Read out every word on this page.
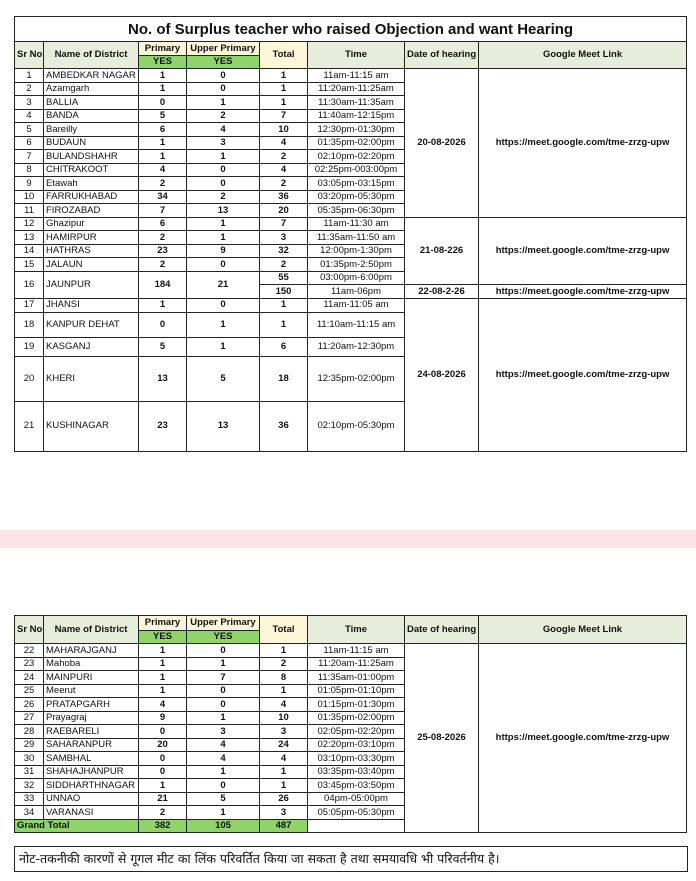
No. of Surplus teacher who raised Objection and want Hearing							
Sr No	Name of District	Primary	Upper Primary	Total	Time	Date of hearing	Google Meet Link
		YES	YES				
1	AMBEDKAR NAGAR	1	0	1	11am-11:15 am	20-08-2026	https://meet.google.com/tme-zrzg-upw
2	Azamgarh	1	0	1	11:20am-11:25am		
3	BALLIA	0	1	1	11:30am-11:35am		
4	BANDA	5	2	7	11:40am-12:15pm		
5	Bareilly	6	4	10	12:30pm-01:30pm		
6	BUDAUN	1	3	4	01:35pm-02:00pm		
7	BULANDSHAHR	1	1	2	02:10pm-02:20pm		
8	CHITRAKOOT	4	0	4	02:25pm-003:00pm		
9	Etawah	2	0	2	03:05pm-03:15pm		
10	FARRUKHABAD	34	2	36	03:20pm-05:30pm		
11	FIROZABAD	7	13	20	05:35pm-06:30pm		
12	Ghazipur	6	1	7	11am-11:30 am	21-08-226	https://meet.google.com/tme-zrzg-upw
13	HAMIRPUR	2	1	3	11:35am-11:50 am		
14	HATHRAS	23	9	32	12:00pm-1:30pm		
15	JALAUN	2	0	2	01:35pm-2:50pm		
16	JAUNPUR	184	21	55	03:00pm-6:00pm		
				150	11am-06pm	22-08-2-26	https://meet.google.com/tme-zrzg-upw
17	JHANSI	1	0	1	11am-11:05 am	24-08-2026	https://meet.google.com/tme-zrzg-upw
18	KANPUR DEHAT	0	1	1	11:10am-11:15 am		
19	KASGANJ	5	1	6	11:20am-12:30pm		
20	KHERI	13	5	18	12:35pm-02:00pm		
21	KUSHINAGAR	23	13	36	02:10pm-05:30pm		
Sr No	Name of District	Primary	Upper Primary	Total	Time	Date of hearing	Google Meet Link
		YES	YES				
22	MAHARAJGANJ	1	0	1	11am-11:15 am	25-08-2026	https://meet.google.com/tme-zrzg-upw
23	Mahoba	1	1	2	11:20am-11:25am		
24	MAINPURI	1	7	8	11:35am-01:00pm		
25	Meerut	1	0	1	01:05pm-01:10pm		
26	PRATAPGARH	4	0	4	01:15pm-01:30pm		
27	Prayagraj	9	1	10	01:35pm-02:00pm		
28	RAEBARELI	0	3	3	02:05pm-02:20pm		
29	SAHARANPUR	20	4	24	02:20pm-03:10pm		
30	SAMBHAL	0	4	4	03:10pm-03:30pm		
31	SHAHAJHANPUR	0	1	1	03:35pm-03:40pm		
32	SIDDHARTHNAGAR	1	0	1	03:45pm-03:50pm		
33	UNNAO	21	5	26	04pm-05:00pm		
34	VARANASI	2	1	3	05:05pm-05:30pm		
Grand Total		382	105	487			
नोट-तकनीकी कारणों से गूगल मीट का लिंक परिवर्तित किया जा सकता है तथा समयावधि भी परिवर्तनीय है।
